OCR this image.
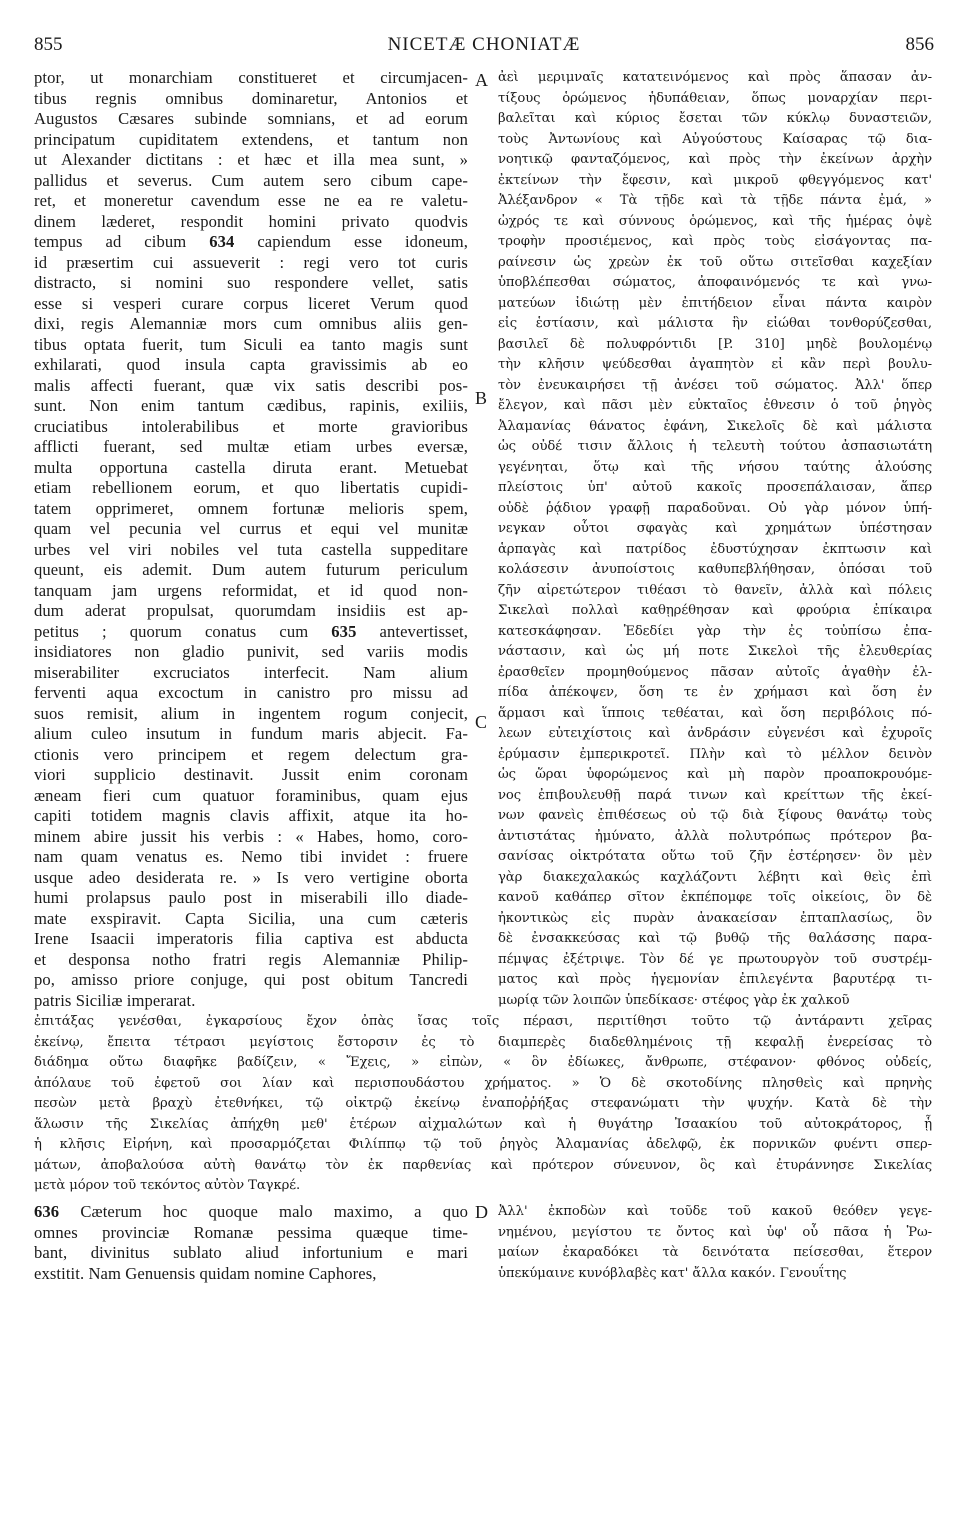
855	NICETÆ CHONIATÆ	856
ptor, ut monarchiam constitueret et circumjacen-
tibus regnis omnibus dominaretur, Antonios et
Augustos Cæsares subinde somnians, et ad eorum
principatum cupiditatem extendens, et tantum non
ut Alexander dictitans : et hæc et illa mea sunt, »
pallidus et severus. Cum autem sero cibum cape-
ret, et moneretur cavendum esse ne ea re valetu-
dinem læderet, respondit homini privato quodvis
tempus ad cibum 634 capiendum esse idoneum,
id præsertim cui assueverit : regi vero tot curis
distracto, si nomini suo respondere vellet, satis
esse si vesperi curare corpus liceret Verum quod
dixi, regis Alemanniæ mors cum omnibus aliis gen-
tibus optata fuerit, tum Siculi ea tanto magis sunt
exhilarati, quod insula capta gravissimis ab eo
malis affecti fuerant, quæ vix satis describi pos-
sunt. Non enim tantum cædibus, rapinis, exiliis,
cruciatibus intolerabilibus et morte gravioribus
afflicti fuerant, sed multæ etiam urbes eversæ,
multa opportuna castella diruta erant. Metuebat
etiam rebellionem eorum, et quo libertatis cupidi-
tatem opprimeret, omnem fortunæ melioris spem,
quam vel pecunia vel currus et equi vel munitæ
urbes vel viri nobiles vel tuta castella suppeditare
queunt, eis ademit. Dum autem futurum periculum
tanquam jam urgens reformidat, et id quod non-
dum aderat propulsat, quorumdam insidiis est ap-
petitus ; quorum conatus cum 635 antevertisset,
insidiatores non gladio punivit, sed variis modis
miserabiliter excruciatos interfecit. Nam alium
ferventi aqua excoctum in canistro pro missu ad
suos remisit, alium in ingentem rogum conjecit,
alium culeo insutum in fundum maris abjecit. Fa-
ctionis vero principem et regem delectum gra-
viori supplicio destinavit. Jussit enim coronam
æneam fieri cum quatuor foraminibus, quam ejus
capiti totidem magnis clavis affixit, atque ita ho-
minem abire jussit his verbis : « Habes, homo, coro-
nam quam venatus es. Nemo tibi invidet : fruere
usque adeo desiderata re. » Is vero vertigine oborta
humi prolapsus paulo post in miserabili illo diade-
mate exspiravit. Capta Sicilia, una cum cæteris
Irene Isaacii imperatoris filia captiva est abducta
et desponsa notho fratri regis Alemanniæ Philip-
po, amisso priore conjuge, qui post obitum Tancredi
patris Siciliæ imperarat.
ἀεὶ μεριμναῖς κατατεινόμενος καὶ πρὸς ἅπασαν ἀν-
τίξους ὁρώμενος ἡδυπάθειαν, ὅπως μοναρχίαν περι-
βαλεῖται καὶ κύριος ἔσεται τῶν κύκλῳ δυναστειῶν,
τοὺς Ἀντωνίους καὶ Αὐγούστους Καίσαρας τῷ δια-
νοητικῷ φανταζόμενος, καὶ πρὸς τὴν ἐκείνων ἀρχὴν
ἐκτείνων τὴν ἔφεσιν, καὶ μικροῦ φθεγγόμενος κατ'
Ἀλέξανδρον « Τὰ τῇδε καὶ τὰ τῇδε πάντα ἐμά, »
ὠχρός τε καὶ σύννους ὁρώμενος, καὶ τῆς ἡμέρας ὀψὲ
τροφὴν προσιέμενος, καὶ πρὸς τοὺς εἰσάγοντας πα-
ραίνεσιν ὡς χρεὼν ἐκ τοῦ οὕτω σιτεῖσθαι καχεξίαν
ὑποβλέπεσθαι σώματος, ἀποφαινόμενός τε καὶ γνω-
ματεύων ἰδιώτῃ μὲν ἐπιτήδειον εἶναι πάντα καιρὸν
εἰς ἑστίασιν, καὶ μάλιστα ἣν εἰώθαι τονθορύζεσθαι,
βασιλεῖ δὲ πολυφρόντιδι [P. 310] μηδὲ βουλομένῳ
τὴν κλῆσιν ψεύδεσθαι ἀγαπητὸν εἰ κἂν περὶ βουλυ-
τὸν ἐνευκαιρήσει τῇ ἀνέσει τοῦ σώματος. Ἀλλ' ὅπερ
ἔλεγον, καὶ πᾶσι μὲν εὐκταῖος ἐθνεσιν ὁ τοῦ ῥηγὸς
Ἀλαμανίας θάνατος ἐφάνη, Σικελοῖς δὲ καὶ μάλιστα
ὡς οὐδέ τισιν ἄλλοις ἡ τελευτὴ τούτου ἀσπασιωτάτη
γεγένηται, ὅτῳ καὶ τῆς νήσου ταύτης ἁλούσης
πλείστοις ὑπ' αὐτοῦ κακοῖς προσεπάλαισαν, ἅπερ
οὐδὲ ῥᾴδιον γραφῇ παραδοῦναι. Οὐ γὰρ μόνον ὑπή-
νεγκαν οὗτοι σφαγὰς καὶ χρημάτων ὑπέστησαν
ἁρπαγὰς καὶ πατρίδος ἐδυστύχησαν ἐκπτωσιν καὶ
κολάσεσιν ἀνυποίστοις καθυπεβλήθησαν, ὁπόσαι τοῦ
ζῆν αἱρετώτερον τιθέασι τὸ θανεῖν, ἀλλὰ καὶ πόλεις
Σικελαὶ πολλαὶ καθῃρέθησαν καὶ φρούρια ἐπίκαιρα
κατεσκάφησαν. Ἐδεδίει γὰρ τὴν ἐς τοὐπίσω ἐπα-
νάστασιν, καὶ ὡς μή ποτε Σικελοὶ τῆς ἐλευθερίας
ἐρασθεῖεν προμηθούμενος πᾶσαν αὐτοῖς ἀγαθὴν ἐλ-
πίδα ἀπέκοψεν, ὅση τε ἐν χρήμασι καὶ ὅση ἐν
ἅρμασι καὶ ἵπποις τεθέαται, καὶ ὅση περιβόλοις πό-
λεων εὐτειχίστοις καὶ ἀνδράσιν εὐγενέσι καὶ ἐχυροῖς
ἐρύμασιν ἐμπερικροτεῖ. Πλὴν καὶ τὸ μέλλον δεινὸν
ὡς ὥραι ὑφορώμενος καὶ μὴ παρὸν προαποκρουόμε-
νος ἐπιβουλευθῇ παρά τινων καὶ κρείττων τῆς ἐκεί-
νων φανεὶς ἐπιθέσεως οὐ τῷ διὰ ξίφους θανάτῳ τοὺς
ἀντιστάτας ἠμύνατο, ἀλλὰ πολυτρόπως πρότερον βα-
σανίσας οἰκτρότατα οὕτω τοῦ ζῆν ἐστέρησεν· ὃν μὲν
γὰρ διακεχαλακώς καχλάζοντι λέβητι καὶ θεὶς ἐπὶ
κανοῦ καθάπερ σῖτον ἐκπέπομφε τοῖς οἰκείοις, ὃν δὲ
ἠκοντικὼς εἰς πυρὰν ἀνακαείσαν ἐπταπλασίως, ὃν
δὲ ἐνσακκεύσας καὶ τῷ βυθῷ τῆς θαλάσσης παρα-
πέμψας ἐξέτριψε. Τὸν δέ γε πρωτουργὸν τοῦ συστρέμ-
ματος καὶ πρὸς ἡγεμονίαν ἐπιλεγέντα βαρυτέρᾳ τι-
μωρίᾳ τῶν λοιπῶν ὑπεδίκασε· στέφος γὰρ ἐκ χαλκοῦ
ἐπιτάξας γενέσθαι, ἐγκαρσίους ἔχον ὀπὰς ἴσας τοῖς πέρασι, περιτίθησι τοῦτο τῷ ἀντάραντι χεῖρας
ἐκείνῳ, ἔπειτα τέτρασι μεγίστοις ἔστορσιν ἐς τὸ διαμπερὲς διαδεθλημένοις τῇ κεφαλῇ ἐνερείσας τὸ
διάδημα οὕτω διαφῆκε βαδίζειν, « Ἔχεις, » εἰπὼν, « ὃν ἐδίωκες, ἄνθρωπε, στέφανον· φθόνος οὐδείς,
ἀπόλαυε τοῦ ἐφετοῦ σοι λίαν καὶ περισπουδάστου χρήματος. » Ὁ δὲ σκοτοδίνης πλησθεὶς καὶ πρηνὴς
πεσὼν μετὰ βραχὺ ἐτεθνήκει, τῷ οἰκτρῷ ἐκείνῳ ἐναποῤῥήξας στεφανώματι τὴν ψυχήν. Κατὰ δὲ τὴν
ἅλωσιν τῆς Σικελίας ἀπήχθη μεθ' ἑτέρων αἰχμαλώτων καὶ ἡ θυγάτηρ Ἰσαακίου τοῦ αὐτοκράτορος, ᾗ
ἡ κλῆσις Εἰρήνη, καὶ προσαρμόζεται Φιλίππῳ τῷ τοῦ ῥηγὸς Ἀλαμανίας ἀδελφῷ, ἐκ πορνικῶν φυέντι σπερ-
μάτων, ἀποβαλούσα αὐτὴ θανάτῳ τὸν ἐκ παρθενίας καὶ πρότερον σύνευνον, ὃς καὶ ἐτυράννησε Σικελίας
μετὰ μόρον τοῦ τεκόντος αὐτὸν Ταγκρέ.
636 Cæterum hoc quoque malo maximo, a quo
omnes provinciæ Romanæ pessima quæque time-
bant, divinitus sublato aliud infortunium e mari
exstitit. Nam Genuensis quidam nomine Caphores,
Ἀλλ' ἐκποδὼν καὶ τοῦδε τοῦ κακοῦ θεόθεν γεγε-
νημένου, μεγίστου τε ὄντος καὶ ὑφ' οὗ πᾶσα ἡ Ῥω-
μαίων ἐκαραδόκει τὰ δεινότατα πείσεσθαι, ἕτερον
ὑπεκύμαινε κυνόβλαβὲς κατ' ἄλλα κακόν. Γενουΐτης
A
B
C
D
